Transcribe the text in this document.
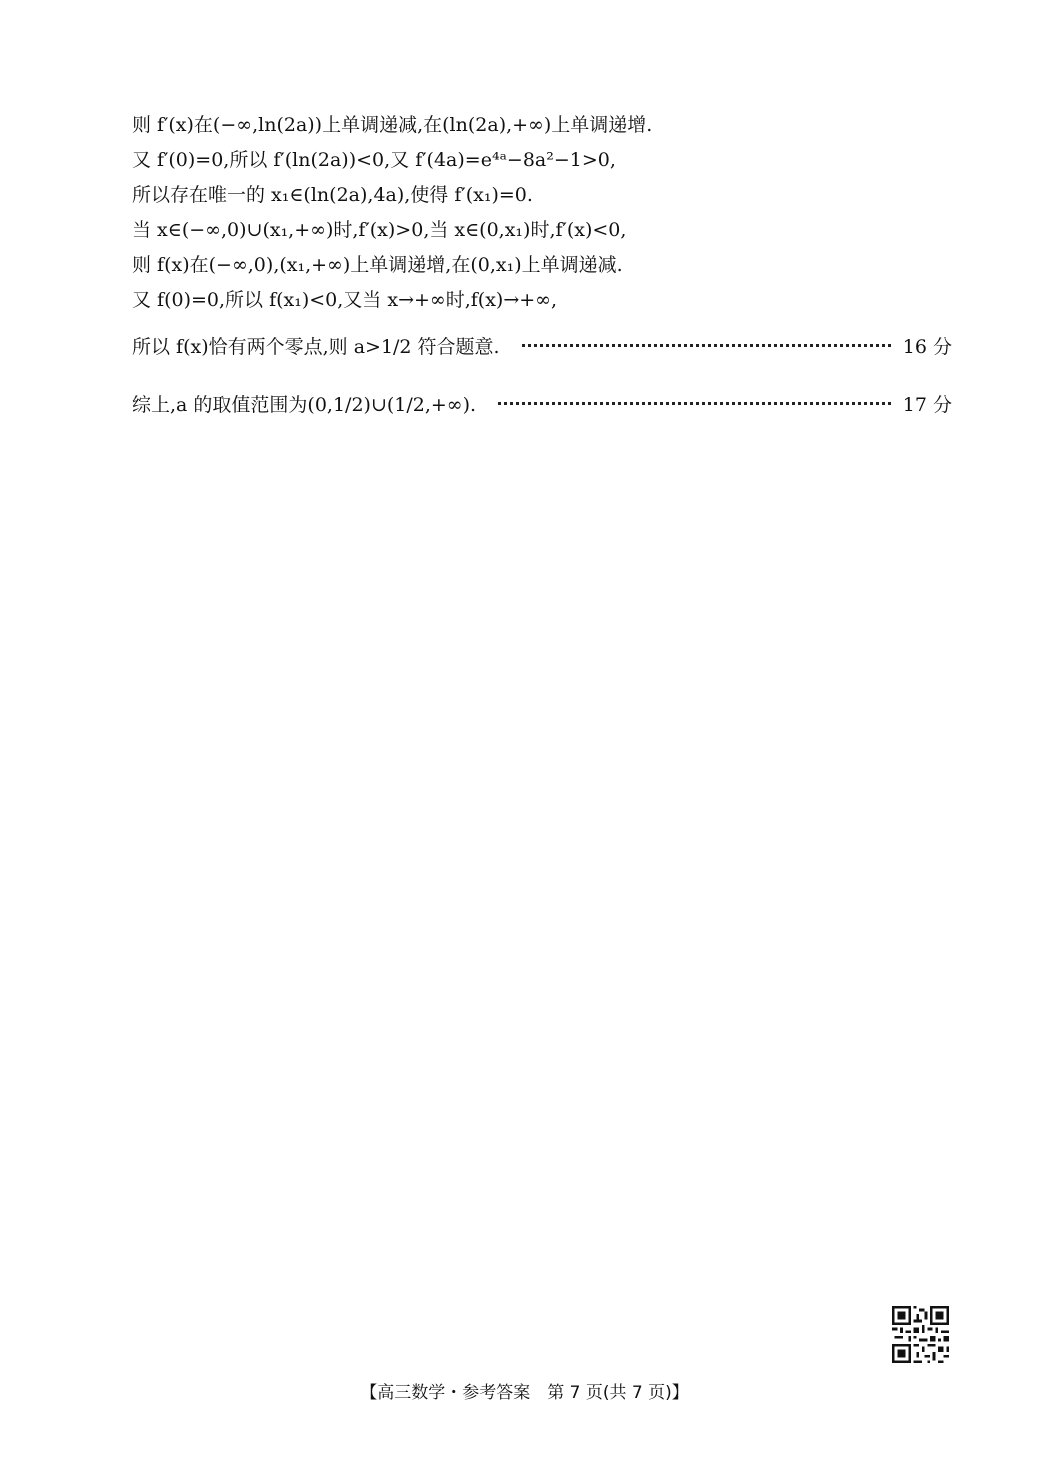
则 f′(x)在(−∞,ln(2a))上单调递减,在(ln(2a),+∞)上单调递增.
又 f′(0)=0,所以 f′(ln(2a))<0,又 f′(4a)=e⁴ᵃ−8a²−1>0,
所以存在唯一的 x₁∈(ln(2a),4a),使得 f′(x₁)=0.
当 x∈(−∞,0)∪(x₁,+∞)时,f′(x)>0,当 x∈(0,x₁)时,f′(x)<0,
则 f(x)在(−∞,0),(x₁,+∞)上单调递增,在(0,x₁)上单调递减.
又 f(0)=0,所以 f(x₁)<0,又当 x→+∞时,f(x)→+∞,
所以 f(x)恰有两个零点,则 a>1/2 符合题意.	16 分
综上,a 的取值范围为(0,1/2)∪(1/2,+∞).	17 分
【高三数学・参考答案　第 7 页(共 7 页)】
